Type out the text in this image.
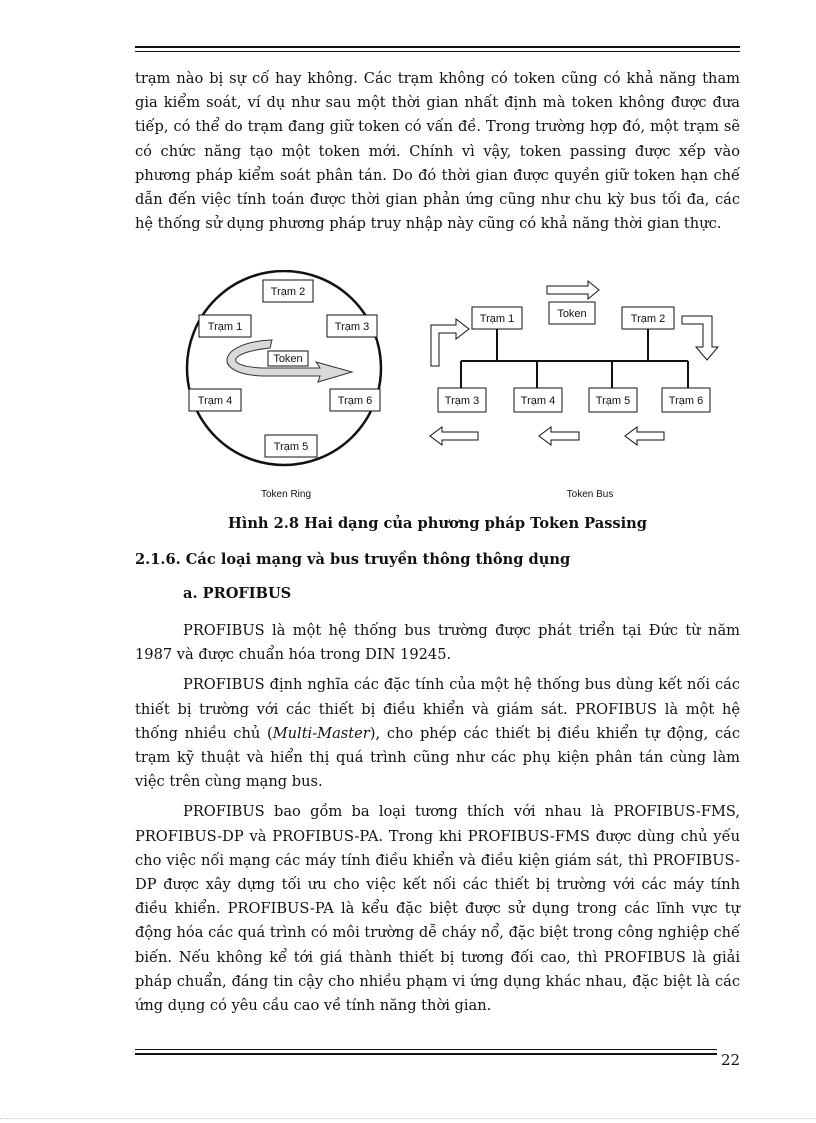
trạm nào bị sự cố hay không. Các trạm không có token cũng có khả năng tham gia kiểm soát, ví dụ như sau một thời gian nhất định mà token không được đưa tiếp, có thể do trạm đang giữ token có vấn đề. Trong trường hợp đó, một trạm sẽ có chức năng tạo một token mới. Chính vì vậy, token passing được xếp vào phương pháp kiểm soát phân tán. Do đó thời gian được quyền giữ token hạn chế dẫn đến việc tính toán được thời gian phản ứng cũng như chu kỳ bus tối đa, các hệ thống sử dụng phương pháp truy nhập này cũng có khả năng thời gian thực.

Token
Trạm 1
Trạm 2
Trạm 3
Trạm 4
Trạm 5
Trạm 6
Token Ring
Trạm 1	Token	Trạm 2
Trạm 3	Trạm 4	Trạm 5	Trạm 6
Token Bus
Hình 2.8 Hai dạng của phương pháp Token Passing
2.1.6. Các loại mạng và bus truyền thông thông dụng
a. PROFIBUS

PROFIBUS là một hệ thống bus trường được phát triển tại Đức từ năm 1987 và được chuẩn hóa trong DIN 19245.

PROFIBUS định nghĩa các đặc tính của một hệ thống bus dùng kết nối các thiết bị trường với các thiết bị điều khiển và giám sát. PROFIBUS là một hệ thống nhiều chủ (Multi-Master), cho phép các thiết bị điều khiển tự động, các trạm kỹ thuật và hiển thị quá trình cũng như các phụ kiện phân tán cùng làm việc trên cùng mạng bus.

PROFIBUS bao gồm ba loại tương thích với nhau là PROFIBUS-FMS, PROFIBUS-DP và PROFIBUS-PA. Trong khi PROFIBUS-FMS được dùng chủ yếu cho việc nối mạng các máy tính điều khiển và điều kiện giám sát, thì PROFIBUS-DP được xây dựng tối ưu cho việc kết nối các thiết bị trường với các máy tính điều khiển. PROFIBUS-PA là kểu đặc biệt được sử dụng trong các lĩnh vực tự động hóa các quá trình có môi trường dễ cháy nổ, đặc biệt trong công nghiệp chế biến. Nếu không kể tới giá thành thiết bị tương đối cao, thì PROFIBUS là giải pháp chuẩn, đáng tin cậy cho nhiều phạm vi ứng dụng khác nhau, đặc biệt là các ứng dụng có yêu cầu cao về tính năng thời gian.

22
